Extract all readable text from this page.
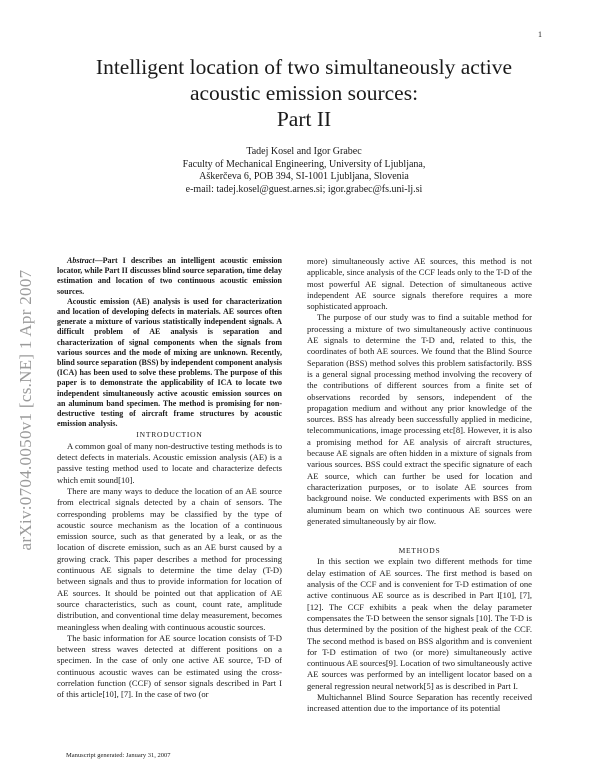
1
arXiv:0704.0050v1 [cs.NE] 1 Apr 2007
Intelligent location of two simultaneously active
acoustic emission sources:
Part II
Tadej Kosel and Igor Grabec
Faculty of Mechanical Engineering, University of Ljubljana,
Aškerčeva 6, POB 394, SI-1001 Ljubljana, Slovenia
e-mail: tadej.kosel@guest.arnes.si; igor.grabec@fs.uni-lj.si

Abstract—Part I describes an intelligent acoustic emission locator, while Part II discusses blind source separation, time delay estimation and location of two continuous acoustic emission sources.

Acoustic emission (AE) analysis is used for characterization and location of developing defects in materials. AE sources often generate a mixture of various statistically independent signals. A difficult problem of AE analysis is separation and characterization of signal components when the signals from various sources and the mode of mixing are unknown. Recently, blind source separation (BSS) by independent component analysis (ICA) has been used to solve these problems. The purpose of this paper is to demonstrate the applicability of ICA to locate two independent simultaneously active acoustic emission sources on an aluminum band specimen. The method is promising for non-destructive testing of aircraft frame structures by acoustic emission analysis.

INTRODUCTION

A common goal of many non-destructive testing methods is to detect defects in materials. Acoustic emission analysis (AE) is a passive testing method used to locate and characterize defects which emit sound[10].

There are many ways to deduce the location of an AE source from electrical signals detected by a chain of sensors. The corresponding problems may be classified by the type of acoustic source mechanism as the location of a continuous emission source, such as that generated by a leak, or as the location of discrete emission, such as an AE burst caused by a growing crack. This paper describes a method for processing continuous AE signals to determine the time delay (T-D) between signals and thus to provide information for location of AE sources. It should be pointed out that application of AE source characteristics, such as count, count rate, amplitude distribution, and conventional time delay measurement, becomes meaningless when dealing with continuous acoustic sources.

The basic information for AE source location consists of T-D between stress waves detected at different positions on a specimen. In the case of only one active AE source, T-D of continuous acoustic waves can be estimated using the cross-correlation function (CCF) of sensor signals described in Part I of this article[10], [7]. In the case of two (or

more) simultaneously active AE sources, this method is not applicable, since analysis of the CCF leads only to the T-D of the most powerful AE signal. Detection of simultaneous active independent AE source signals therefore requires a more sophisticated approach.

The purpose of our study was to find a suitable method for processing a mixture of two simultaneously active continuous AE signals to determine the T-D and, related to this, the coordinates of both AE sources. We found that the Blind Source Separation (BSS) method solves this problem satisfactorily. BSS is a general signal processing method involving the recovery of the contributions of different sources from a finite set of observations recorded by sensors, independent of the propagation medium and without any prior knowledge of the sources. BSS has already been successfully applied in medicine, telecommunications, image processing etc[8]. However, it is also a promising method for AE analysis of aircraft structures, because AE signals are often hidden in a mixture of signals from various sources. BSS could extract the specific signature of each AE source, which can further be used for location and characterization purposes, or to isolate AE sources from background noise. We conducted experiments with BSS on an aluminum beam on which two continuous AE sources were generated simultaneously by air flow.

METHODS

In this section we explain two different methods for time delay estimation of AE sources. The first method is based on analysis of the CCF and is convenient for T-D estimation of one active continuous AE source as is described in Part I[10], [7], [12]. The CCF exhibits a peak when the delay parameter compensates the T-D between the sensor signals [10]. The T-D is thus determined by the position of the highest peak of the CCF. The second method is based on BSS algorithm and is convenient for T-D estimation of two (or more) simultaneously active continuous AE sources[9]. Location of two simultaneously active AE sources was performed by an intelligent locator based on a general regression neural network[5] as is described in Part I.

Multichannel Blind Source Separation has recently received increased attention due to the importance of its potential

Manuscript generated: January 31, 2007
